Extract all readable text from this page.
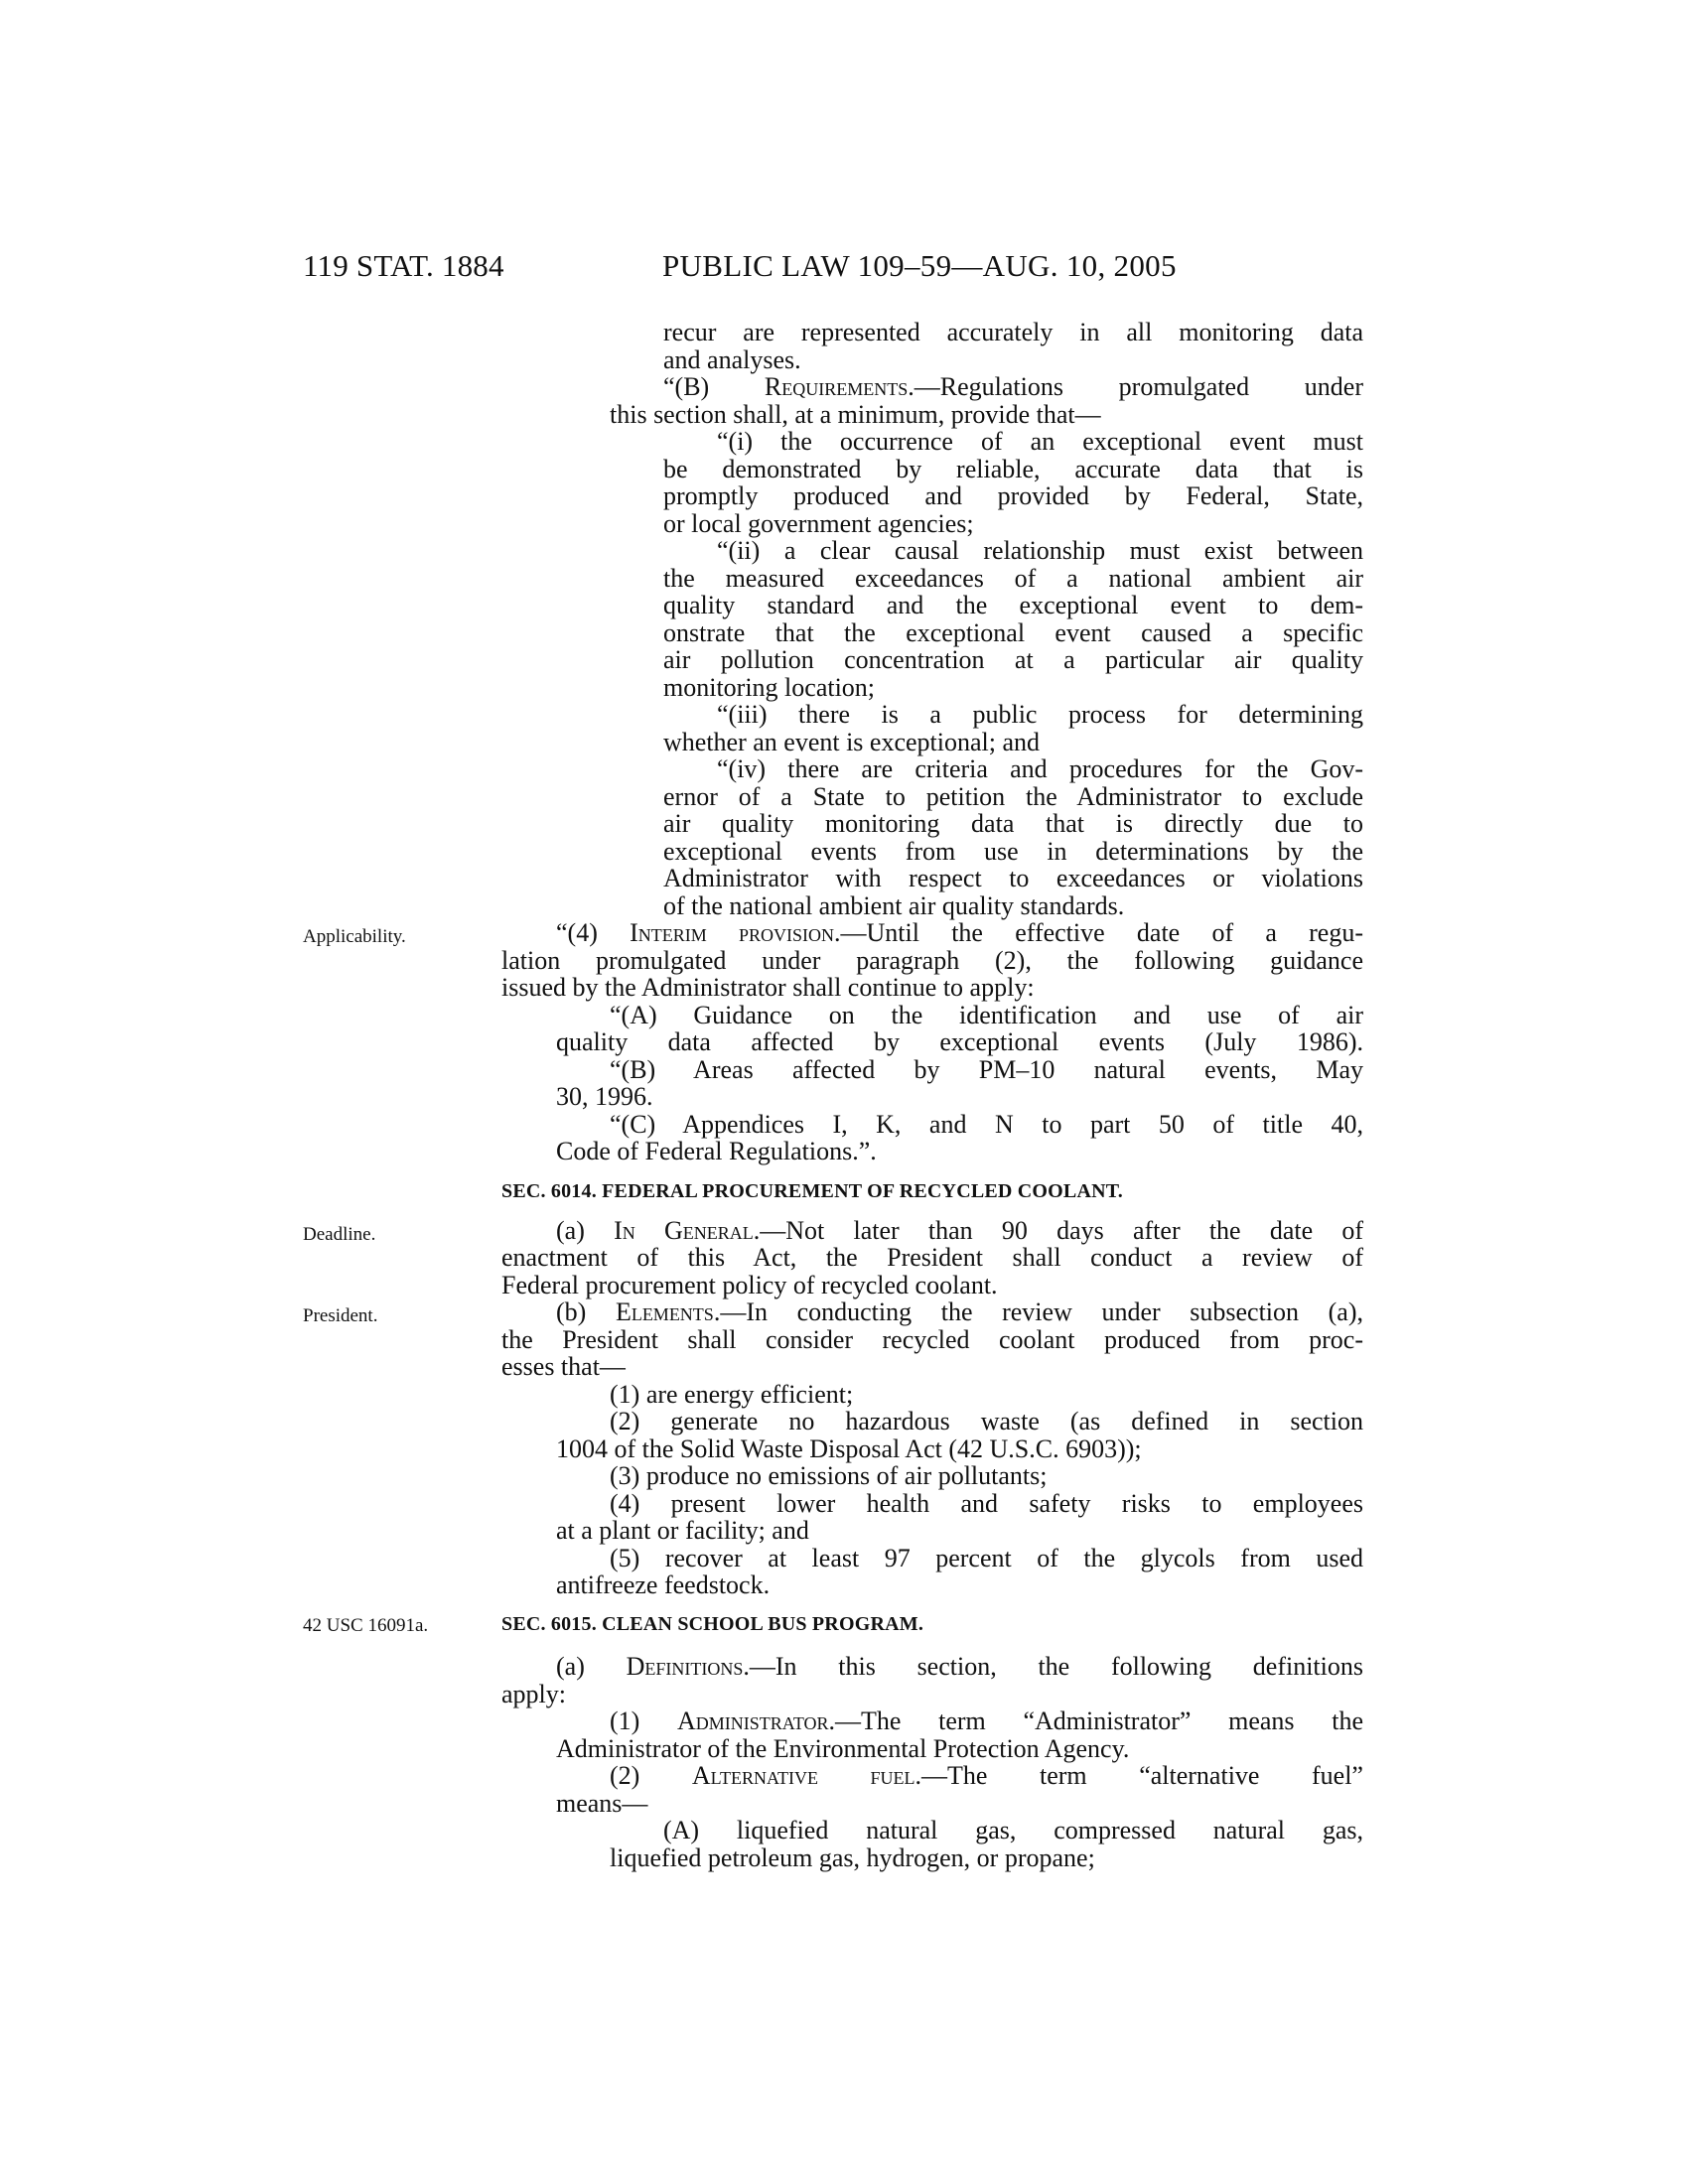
119 STAT. 1884	PUBLIC LAW 109–59—AUG. 10, 2005
Applicability.
Deadline.
President.
42 USC 16091a.
recur are represented accurately in all monitoring data
and analyses.
“(B) Requirements.—Regulations promulgated under
this section shall, at a minimum, provide that—
“(i) the occurrence of an exceptional event must
be demonstrated by reliable, accurate data that is
promptly produced and provided by Federal, State,
or local government agencies;
“(ii) a clear causal relationship must exist between
the measured exceedances of a national ambient air
quality standard and the exceptional event to dem-
onstrate that the exceptional event caused a specific
air pollution concentration at a particular air quality
monitoring location;
“(iii) there is a public process for determining
whether an event is exceptional; and
“(iv) there are criteria and procedures for the Gov-
ernor of a State to petition the Administrator to exclude
air quality monitoring data that is directly due to
exceptional events from use in determinations by the
Administrator with respect to exceedances or violations
of the national ambient air quality standards.
“(4) Interim provision.—Until the effective date of a regu-
lation promulgated under paragraph (2), the following guidance
issued by the Administrator shall continue to apply:
“(A) Guidance on the identification and use of air
quality data affected by exceptional events (July 1986).
“(B) Areas affected by PM–10 natural events, May
30, 1996.
“(C) Appendices I, K, and N to part 50 of title 40,
Code of Federal Regulations.”.
SEC. 6014. FEDERAL PROCUREMENT OF RECYCLED COOLANT.
(a) In General.—Not later than 90 days after the date of
enactment of this Act, the President shall conduct a review of
Federal procurement policy of recycled coolant.
(b) Elements.—In conducting the review under subsection (a),
the President shall consider recycled coolant produced from proc-
esses that—
(1) are energy efficient;
(2) generate no hazardous waste (as defined in section
1004 of the Solid Waste Disposal Act (42 U.S.C. 6903));
(3) produce no emissions of air pollutants;
(4) present lower health and safety risks to employees
at a plant or facility; and
(5) recover at least 97 percent of the glycols from used
antifreeze feedstock.
SEC. 6015. CLEAN SCHOOL BUS PROGRAM.
(a) Definitions.—In this section, the following definitions
apply:
(1) Administrator.—The term “Administrator” means the
Administrator of the Environmental Protection Agency.
(2) Alternative fuel.—The term “alternative fuel”
means—
(A) liquefied natural gas, compressed natural gas,
liquefied petroleum gas, hydrogen, or propane;
